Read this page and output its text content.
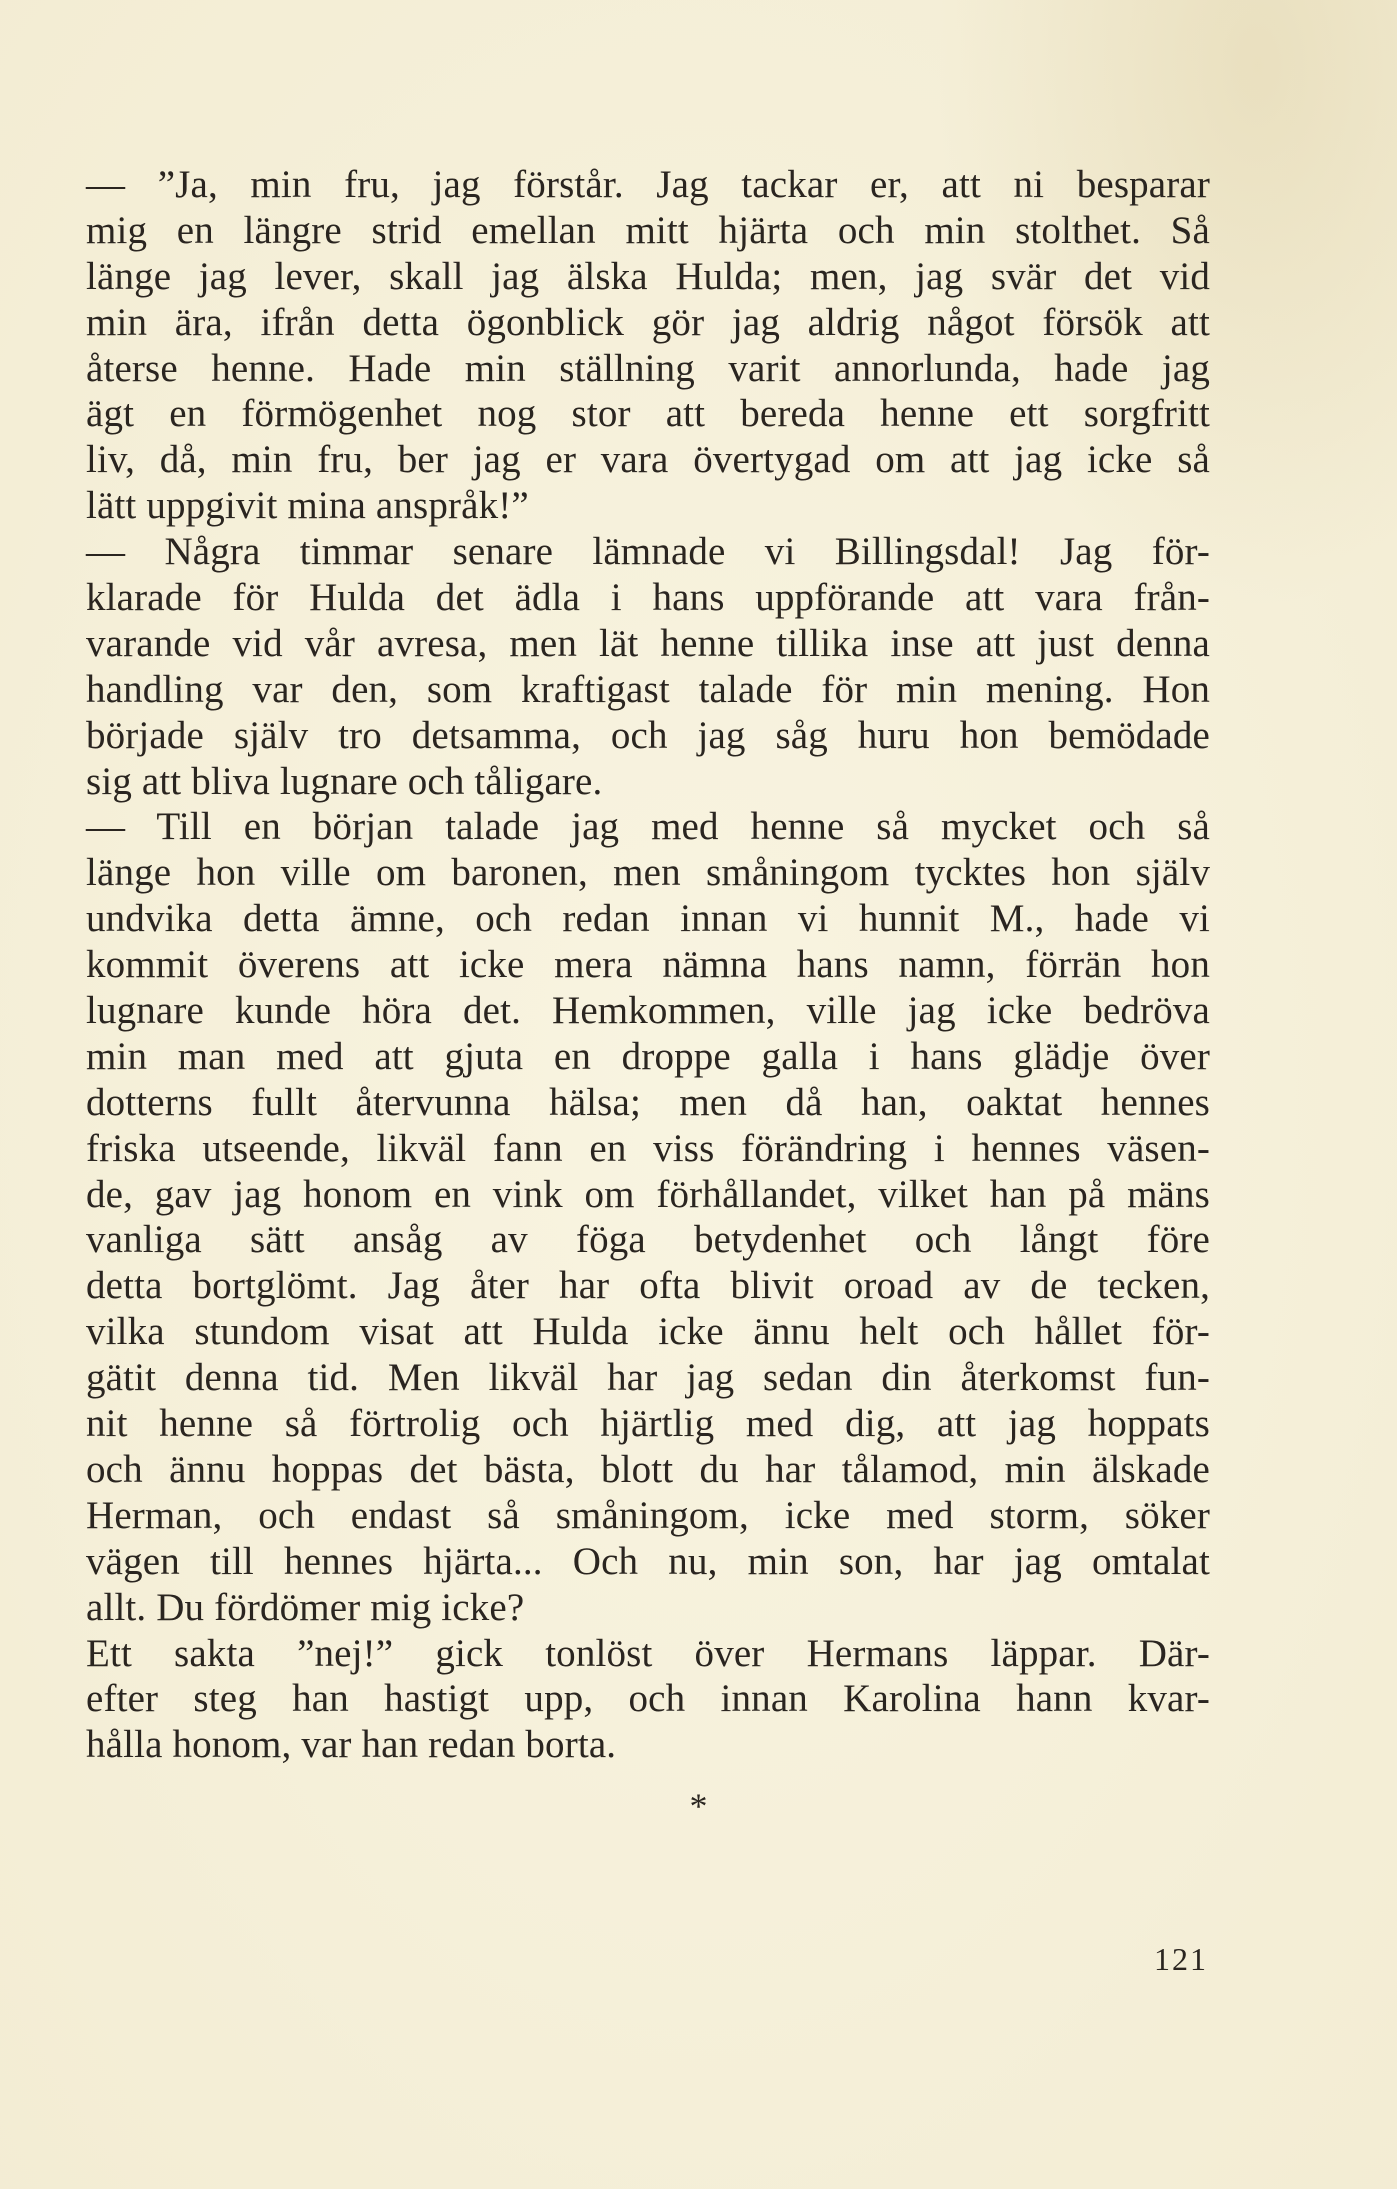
— ”Ja, min fru, jag förstår. Jag tackar er, att ni besparar
mig en längre strid emellan mitt hjärta och min stolthet. Så
länge jag lever, skall jag älska Hulda; men, jag svär det vid
min ära, ifrån detta ögonblick gör jag aldrig något försök att
återse henne. Hade min ställning varit annorlunda, hade jag
ägt en förmögenhet nog stor att bereda henne ett sorgfritt
liv, då, min fru, ber jag er vara övertygad om att jag icke så
lätt uppgivit mina anspråk!”
— Några timmar senare lämnade vi Billingsdal! Jag för-
klarade för Hulda det ädla i hans uppförande att vara från-
varande vid vår avresa, men lät henne tillika inse att just denna
handling var den, som kraftigast talade för min mening. Hon
började själv tro detsamma, och jag såg huru hon bemödade
sig att bliva lugnare och tåligare.
— Till en början talade jag med henne så mycket och så
länge hon ville om baronen, men småningom tycktes hon själv
undvika detta ämne, och redan innan vi hunnit M., hade vi
kommit överens att icke mera nämna hans namn, förrän hon
lugnare kunde höra det. Hemkommen, ville jag icke bedröva
min man med att gjuta en droppe galla i hans glädje över
dotterns fullt återvunna hälsa; men då han, oaktat hennes
friska utseende, likväl fann en viss förändring i hennes väsen-
de, gav jag honom en vink om förhållandet, vilket han på mäns
vanliga sätt ansåg av föga betydenhet och långt före
detta bortglömt. Jag åter har ofta blivit oroad av de tecken,
vilka stundom visat att Hulda icke ännu helt och hållet för-
gätit denna tid. Men likväl har jag sedan din återkomst fun-
nit henne så förtrolig och hjärtlig med dig, att jag hoppats
och ännu hoppas det bästa, blott du har tålamod, min älskade
Herman, och endast så småningom, icke med storm, söker
vägen till hennes hjärta... Och nu, min son, har jag omtalat
allt. Du fördömer mig icke?
Ett sakta ”nej!” gick tonlöst över Hermans läppar. Där-
efter steg han hastigt upp, och innan Karolina hann kvar-
hålla honom, var han redan borta.
*
121
